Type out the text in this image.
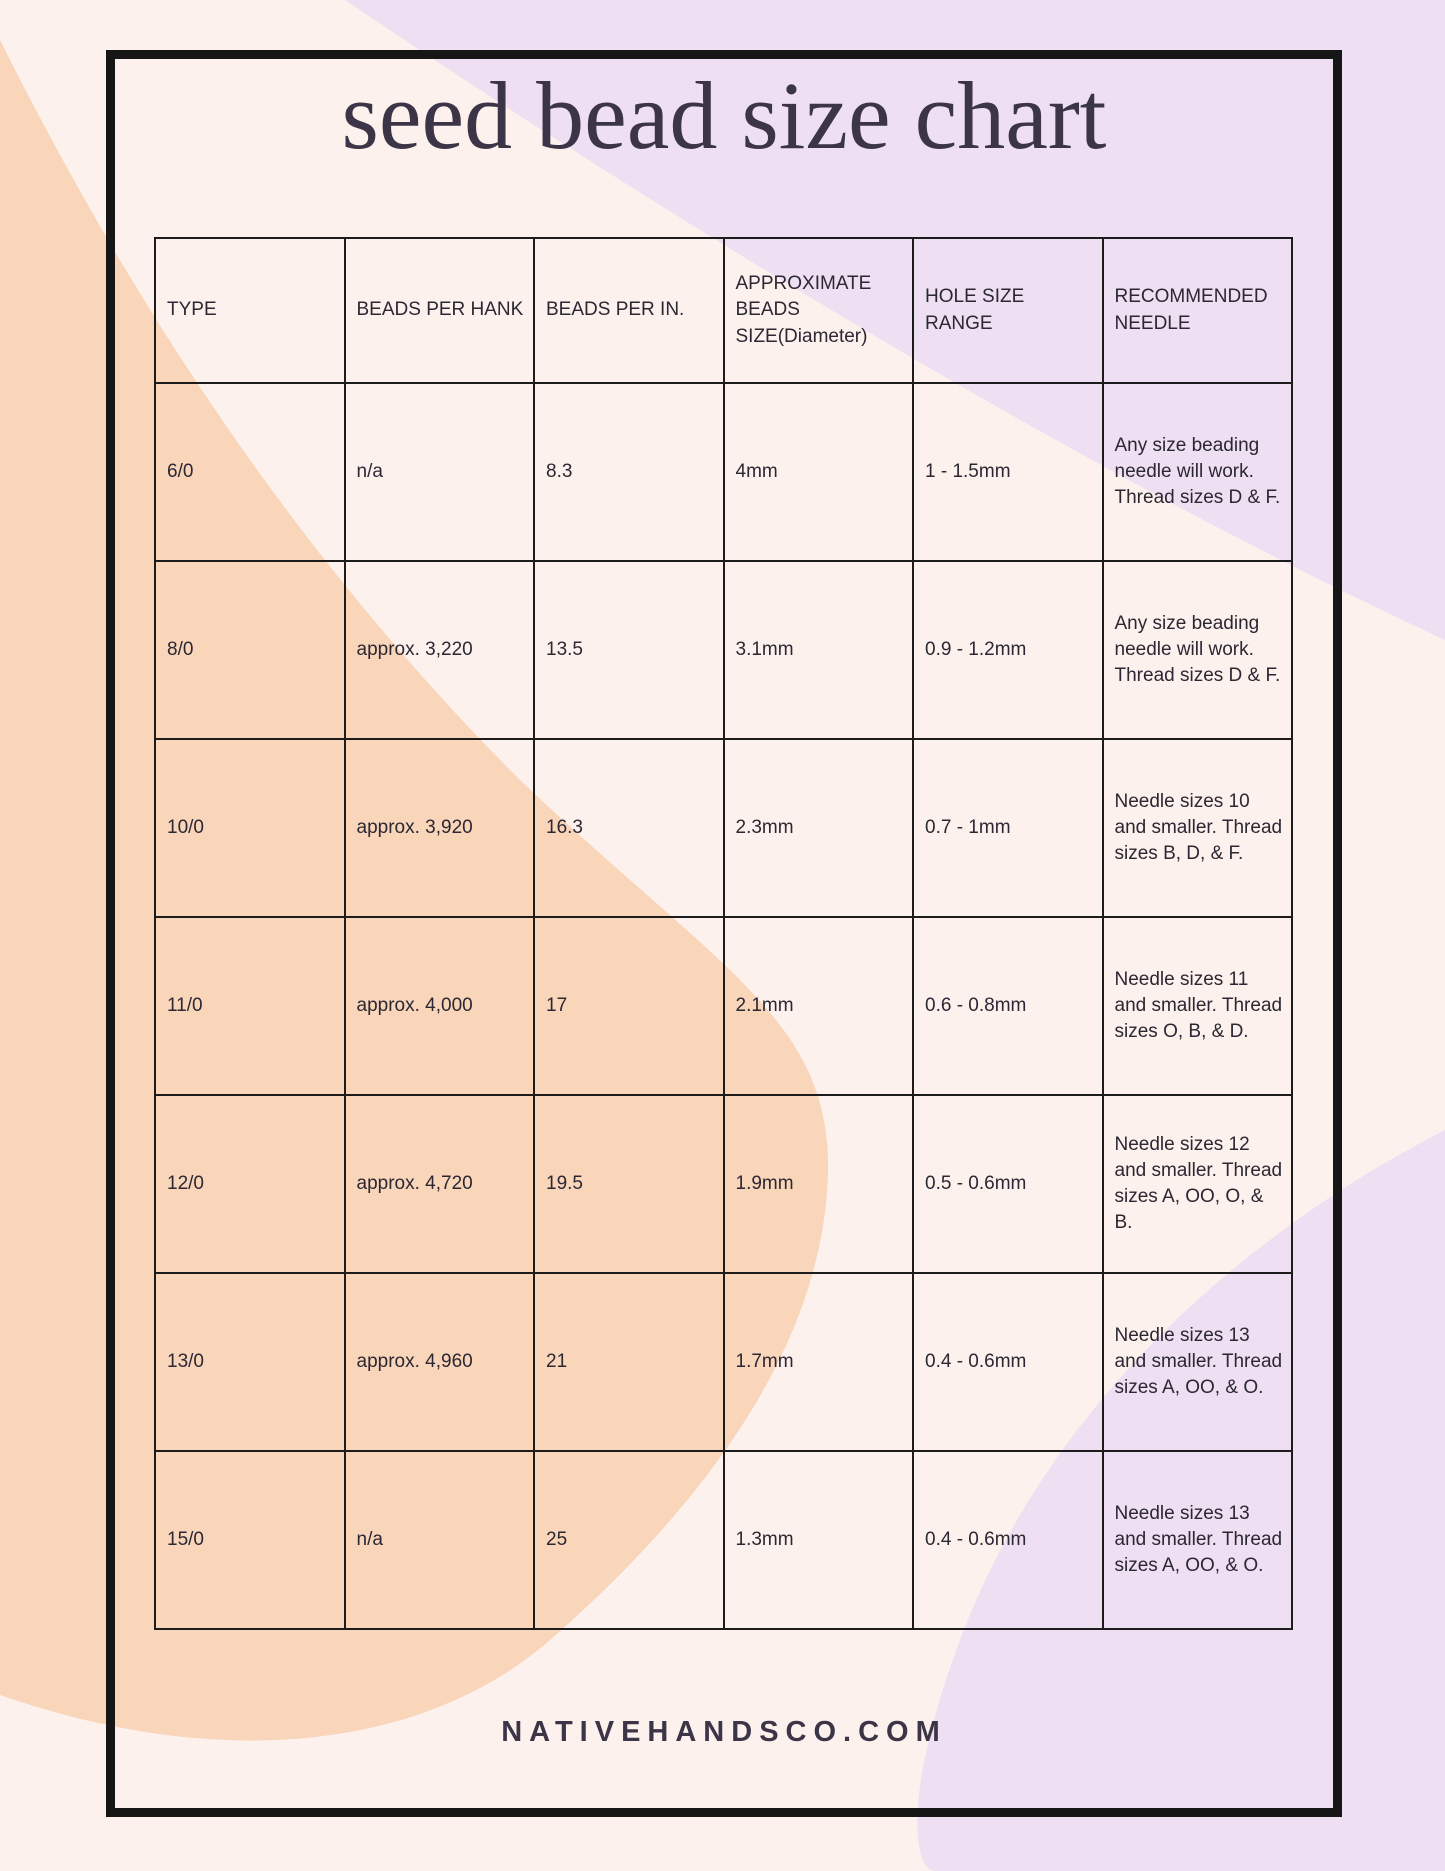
seed bead size chart
TYPE	BEADS PER HANK	BEADS PER IN.	APPROXIMATE BEADS SIZE(Diameter)	HOLE SIZE RANGE	RECOMMENDED NEEDLE
6/0	n/a	8.3	4mm	1 - 1.5mm	Any size beading needle will work. Thread sizes D & F.
8/0	approx. 3,220	13.5	3.1mm	0.9 - 1.2mm	Any size beading needle will work. Thread sizes D & F.
10/0	approx. 3,920	16.3	2.3mm	0.7 - 1mm	Needle sizes 10 and smaller. Thread sizes B, D, & F.
11/0	approx. 4,000	17	2.1mm	0.6 - 0.8mm	Needle sizes 11 and smaller. Thread sizes O, B, & D.
12/0	approx. 4,720	19.5	1.9mm	0.5 - 0.6mm	Needle sizes 12 and smaller. Thread sizes A, OO, O, & B.
13/0	approx. 4,960	21	1.7mm	0.4 - 0.6mm	Needle sizes 13 and smaller. Thread sizes A, OO, & O.
15/0	n/a	25	1.3mm	0.4 - 0.6mm	Needle sizes 13 and smaller. Thread sizes A, OO, & O.
NATIVEHANDSCO.COM
